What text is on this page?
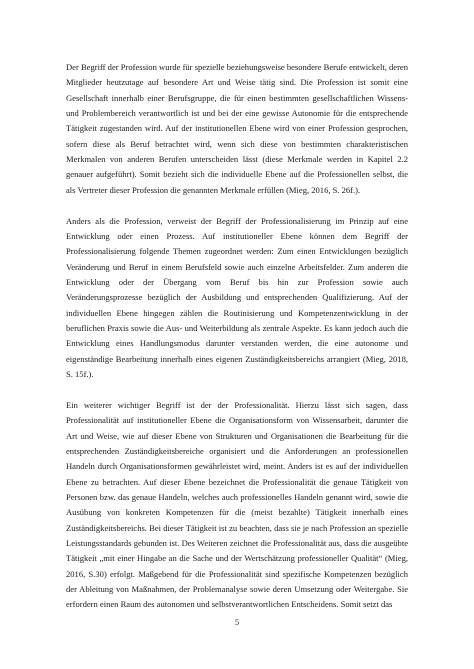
Der Begriff der Profession wurde für spezielle beziehungsweise besondere Berufe entwickelt, deren Mitglieder heutzutage auf besondere Art und Weise tätig sind. Die Profession ist somit eine Gesellschaft innerhalb einer Berufsgruppe, die für einen bestimmten gesellschaftlichen Wissens- und Problembereich verantwortlich ist und bei der eine gewisse Autonomie für die entsprechende Tätigkeit zugestanden wird. Auf der institutionellen Ebene wird von einer Profession gesprochen, sofern diese als Beruf betrachtet wird, wenn sich diese von bestimmten charakteristischen Merkmalen von anderen Berufen unterscheiden lässt (diese Merkmale werden in Kapitel 2.2 genauer aufgeführt). Somit bezieht sich die individuelle Ebene auf die Professionellen selbst, die als Vertreter dieser Profession die genannten Merkmale erfüllen (Mieg, 2016, S. 26f.).

Anders als die Profession, verweist der Begriff der Professionalisierung im Prinzip auf eine Entwicklung oder einen Prozess. Auf institutioneller Ebene können dem Begriff der Professionalisierung folgende Themen zugeordnet werden: Zum einen Entwicklungen bezüglich Veränderung und Beruf in einem Berufsfeld sowie auch einzelne Arbeitsfelder. Zum anderen die Entwicklung oder der Übergang vom Beruf bis hin zur Profession sowie auch Veränderungsprozesse bezüglich der Ausbildung und entsprechenden Qualifizierung. Auf der individuellen Ebene hingegen zählen die Routinisierung und Kompetenzentwicklung in der beruflichen Praxis sowie die Aus- und Weiterbildung als zentrale Aspekte. Es kann jedoch auch die Entwicklung eines Handlungsmodus darunter verstanden werden, die eine autonome und eigenständige Bearbeitung innerhalb eines eigenen Zuständigkeitsbereichs arrangiert (Mieg, 2018, S. 15f.).

Ein weiterer wichtiger Begriff ist der der Professionalität. Hierzu lässt sich sagen, dass Professionalität auf institutioneller Ebene die Organisationsform von Wissensarbeit, darunter die Art und Weise, wie auf dieser Ebene von Strukturen und Organisationen die Bearbeitung für die entsprechenden Zuständigkeitsbereiche organisiert und die Anforderungen an professionellen Handeln durch Organisationsformen gewährleistet wird, meint. Anders ist es auf der individuellen Ebene zu betrachten. Auf dieser Ebene bezeichnet die Professionalität die genaue Tätigkeit von Personen bzw. das genaue Handeln, welches auch professionelles Handeln genannt wird, sowie die Ausübung von konkreten Kompetenzen für die (meist bezahlte) Tätigkeit innerhalb eines Zuständigkeitsbereichs. Bei dieser Tätigkeit ist zu beachten, dass sie je nach Profession an spezielle Leistungsstandards gebunden ist. Des Weiteren zeichnet die Professionalität aus, dass die ausgeübte Tätigkeit „mit einer Hingabe an die Sache und der Wertschätzung professioneller Qualität“ (Mieg, 2016, S.30) erfolgt. Maßgebend für die Professionalität sind spezifische Kompetenzen bezüglich der Ableitung von Maßnahmen, der Problemanalyse sowie deren Umsetzung oder Weitergabe. Sie erfordern einen Raum des autonomen und selbstverantwortlichen Entscheidens. Somit setzt das

5
